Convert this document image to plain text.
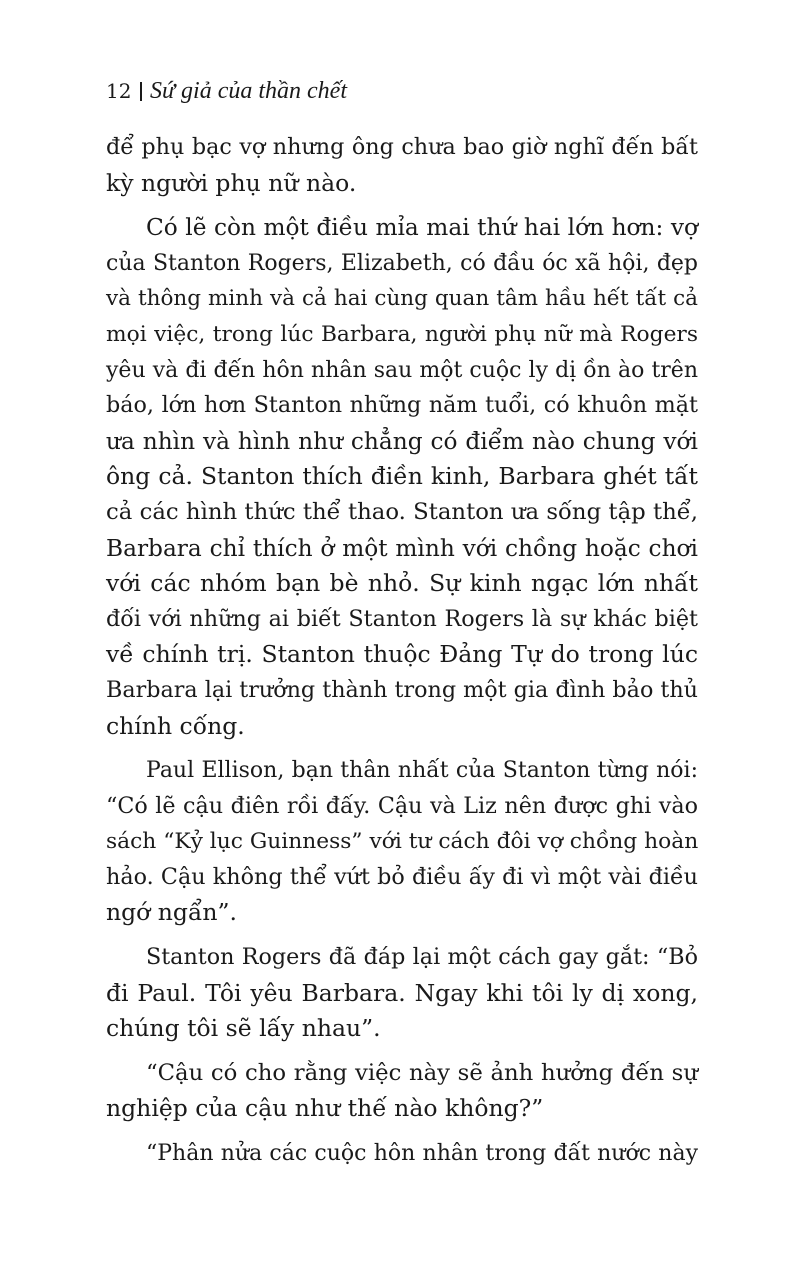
12 Sứ giả của thần chết
để phụ bạc vợ nhưng ông chưa bao giờ nghĩ đến bất
kỳ người phụ nữ nào.
Có lẽ còn một điều mỉa mai thứ hai lớn hơn: vợ
của Stanton Rogers, Elizabeth, có đầu óc xã hội, đẹp
và thông minh và cả hai cùng quan tâm hầu hết tất cả
mọi việc, trong lúc Barbara, người phụ nữ mà Rogers
yêu và đi đến hôn nhân sau một cuộc ly dị ồn ào trên
báo, lớn hơn Stanton những năm tuổi, có khuôn mặt
ưa nhìn và hình như chẳng có điểm nào chung với
ông cả. Stanton thích điền kinh, Barbara ghét tất
cả các hình thức thể thao. Stanton ưa sống tập thể,
Barbara chỉ thích ở một mình với chồng hoặc chơi
với các nhóm bạn bè nhỏ. Sự kinh ngạc lớn nhất
đối với những ai biết Stanton Rogers là sự khác biệt
về chính trị. Stanton thuộc Đảng Tự do trong lúc
Barbara lại trưởng thành trong một gia đình bảo thủ
chính cống.
Paul Ellison, bạn thân nhất của Stanton từng nói:
“Có lẽ cậu điên rồi đấy. Cậu và Liz nên được ghi vào
sách “Kỷ lục Guinness” với tư cách đôi vợ chồng hoàn
hảo. Cậu không thể vứt bỏ điều ấy đi vì một vài điều
ngớ ngẩn”.
Stanton Rogers đã đáp lại một cách gay gắt: “Bỏ
đi Paul. Tôi yêu Barbara. Ngay khi tôi ly dị xong,
chúng tôi sẽ lấy nhau”.
“Cậu có cho rằng việc này sẽ ảnh hưởng đến sự
nghiệp của cậu như thế nào không?”
“Phân nửa các cuộc hôn nhân trong đất nước này
